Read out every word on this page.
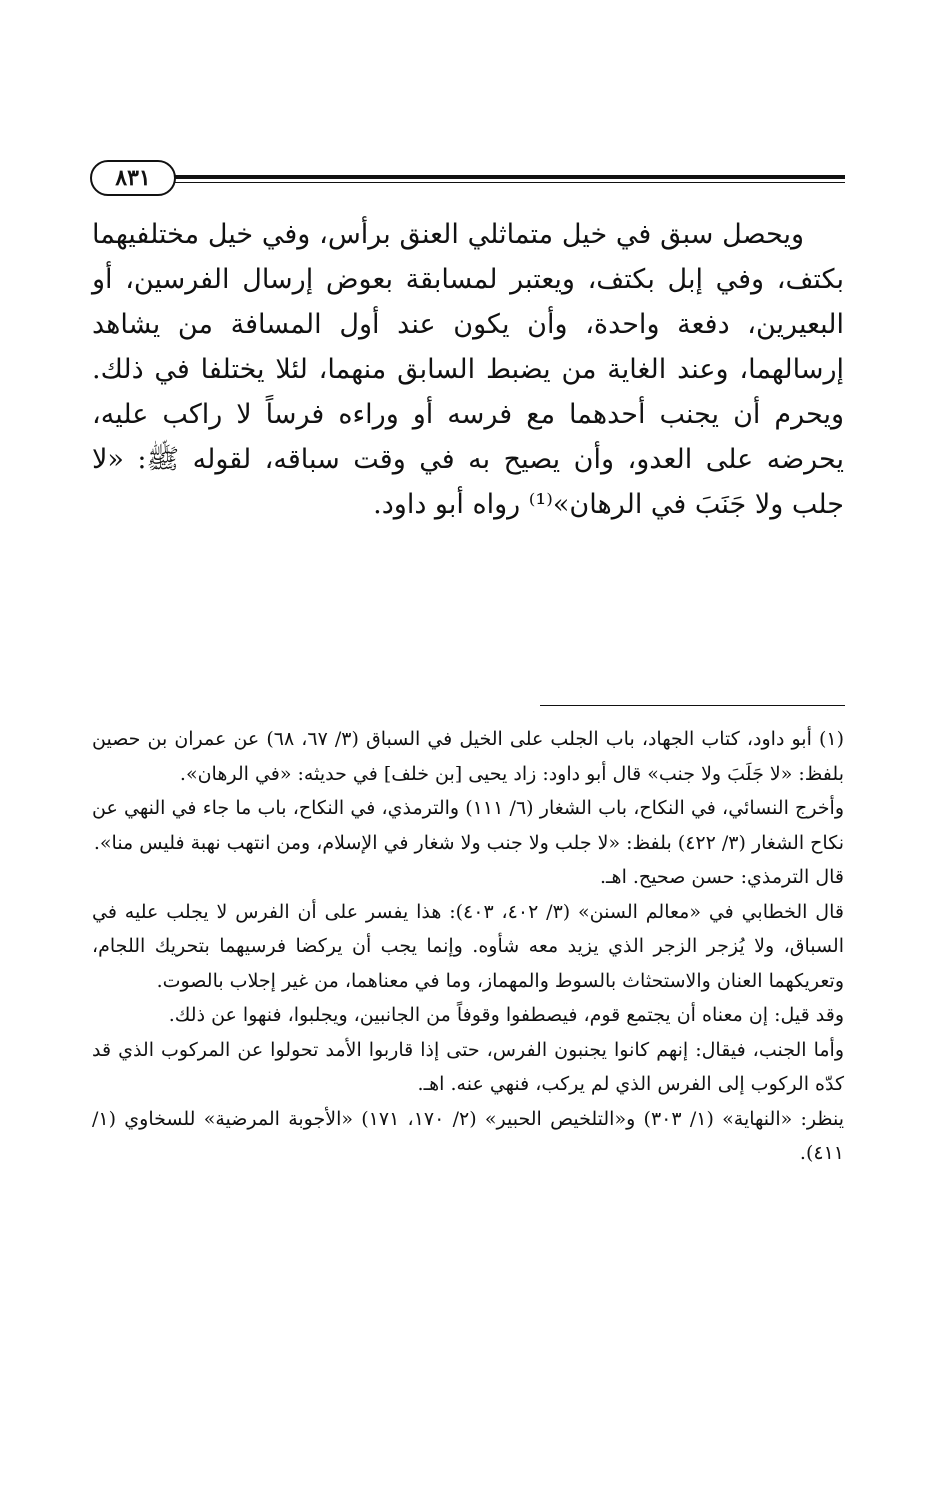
٨٣١

ويحصل سبق في خيل متماثلي العنق برأس، وفي خيل مختلفيهما بكتف، وفي إبل بكتف، ويعتبر لمسابقة بعوض إرسال الفرسين، أو البعيرين، دفعة واحدة، وأن يكون عند أول المسافة من يشاهد إرسالهما، وعند الغاية من يضبط السابق منهما، لئلا يختلفا في ذلك. ويحرم أن يجنب أحدهما مع فرسه أو وراءه فرساً لا راكب عليه، يحرضه على العدو، وأن يصيح به في وقت سباقه، لقوله ﷺ: «لا جلب ولا جَنَبَ في الرهان»⁽¹⁾ رواه أبو داود.

(١) أبو داود، كتاب الجهاد، باب الجلب على الخيل في السباق (٣/ ٦٧، ٦٨) عن عمران بن حصين بلفظ: «لا جَلَبَ ولا جنب» قال أبو داود: زاد يحيى [بن خلف] في حديثه: «في الرهان».

وأخرج النسائي، في النكاح، باب الشغار (٦/ ١١١) والترمذي، في النكاح، باب ما جاء في النهي عن نكاح الشغار (٣/ ٤٢٢) بلفظ: «لا جلب ولا جنب ولا شغار في الإسلام، ومن انتهب نهبة فليس منا».

قال الترمذي: حسن صحيح. اهـ.

قال الخطابي في «معالم السنن» (٣/ ٤٠٢، ٤٠٣): هذا يفسر على أن الفرس لا يجلب عليه في السباق، ولا يُزجر الزجر الذي يزيد معه شأوه. وإنما يجب أن يركضا فرسيهما بتحريك اللجام، وتعريكهما العنان والاستحثاث بالسوط والمهماز، وما في معناهما، من غير إجلاب بالصوت.

وقد قيل: إن معناه أن يجتمع قوم، فيصطفوا وقوفاً من الجانبين، ويجلبوا، فنهوا عن ذلك.

وأما الجنب، فيقال: إنهم كانوا يجنبون الفرس، حتى إذا قاربوا الأمد تحولوا عن المركوب الذي قد كدّه الركوب إلى الفرس الذي لم يركب، فنهي عنه. اهـ.

ينظر: «النهاية» (١/ ٣٠٣) و«التلخيص الحبير» (٢/ ١٧٠، ١٧١) «الأجوبة المرضية» للسخاوي (١/ ٤١١).
